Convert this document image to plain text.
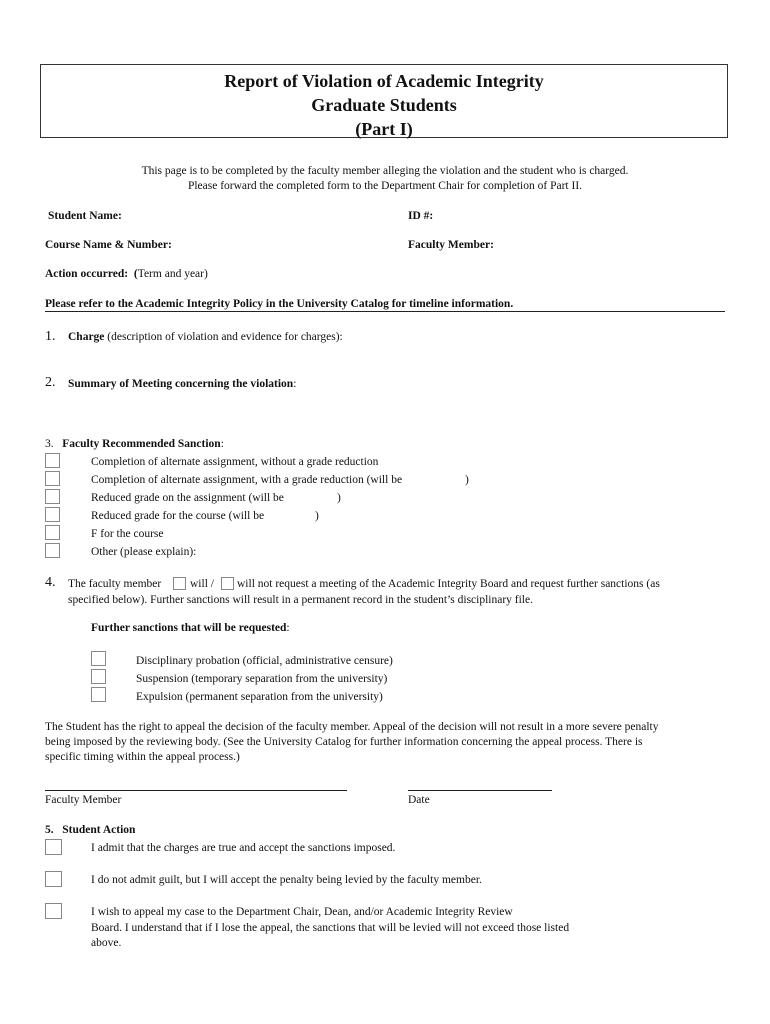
Report of Violation of Academic Integrity
Graduate Students
(Part I)
This page is to be completed by the faculty member alleging the violation and the student who is charged.
Please forward the completed form to the Department Chair for completion of Part II.
Student Name:	ID #:
Course Name & Number:	Faculty Member:
Action occurred: (Term and year)
Please refer to the Academic Integrity Policy in the University Catalog for timeline information.
1. Charge (description of violation and evidence for charges):
2. Summary of Meeting concerning the violation:
3. Faculty Recommended Sanction:
Completion of alternate assignment, without a grade reduction
Completion of alternate assignment, with a grade reduction (will be	)
Reduced grade on the assignment (will be	)
Reduced grade for the course (will be	)
F for the course
Other (please explain):
4. The faculty member	will / will not request a meeting of the Academic Integrity Board and request further sanctions (as
specified below). Further sanctions will result in a permanent record in the student’s disciplinary file.
Further sanctions that will be requested:
Disciplinary probation (official, administrative censure)
Suspension (temporary separation from the university)
Expulsion (permanent separation from the university)
The Student has the right to appeal the decision of the faculty member. Appeal of the decision will not result in a more severe penalty
being imposed by the reviewing body. (See the University Catalog for further information concerning the appeal process. There is
specific timing within the appeal process.)
Faculty Member	Date
5. Student Action
I admit that the charges are true and accept the sanctions imposed.
I do not admit guilt, but I will accept the penalty being levied by the faculty member.
I wish to appeal my case to the Department Chair, Dean, and/or Academic Integrity Review
Board. I understand that if I lose the appeal, the sanctions that will be levied will not exceed those listed
above.
